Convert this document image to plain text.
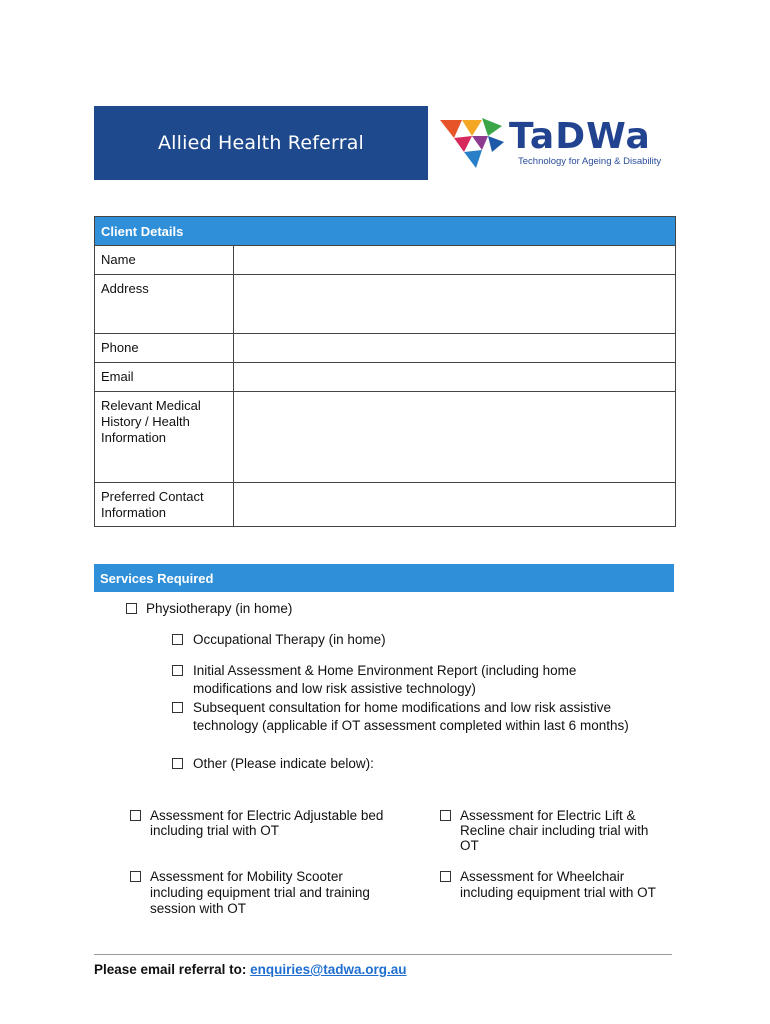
Allied Health Referral	TaDWa
Technology for Ageing & Disability
Client Details	
Name	
Address	
Phone	
Email	
Relevant Medical History / Health Information	
Preferred Contact Information	
Services Required
Physiotherapy (in home)
Occupational Therapy (in home)
Initial Assessment & Home Environment Report (including home
modifications and low risk assistive technology)
Subsequent consultation for home modifications and low risk assistive
technology (applicable if OT assessment completed within last 6 months)
Other (Please indicate below):
Assessment for Electric Adjustable bed
including trial with OT
Assessment for Electric Lift &
Recline chair including trial with
OT
Assessment for Mobility Scooter
including equipment trial and training
session with OT
Assessment for Wheelchair
including equipment trial with OT
Please email referral to: enquiries@tadwa.org.au
